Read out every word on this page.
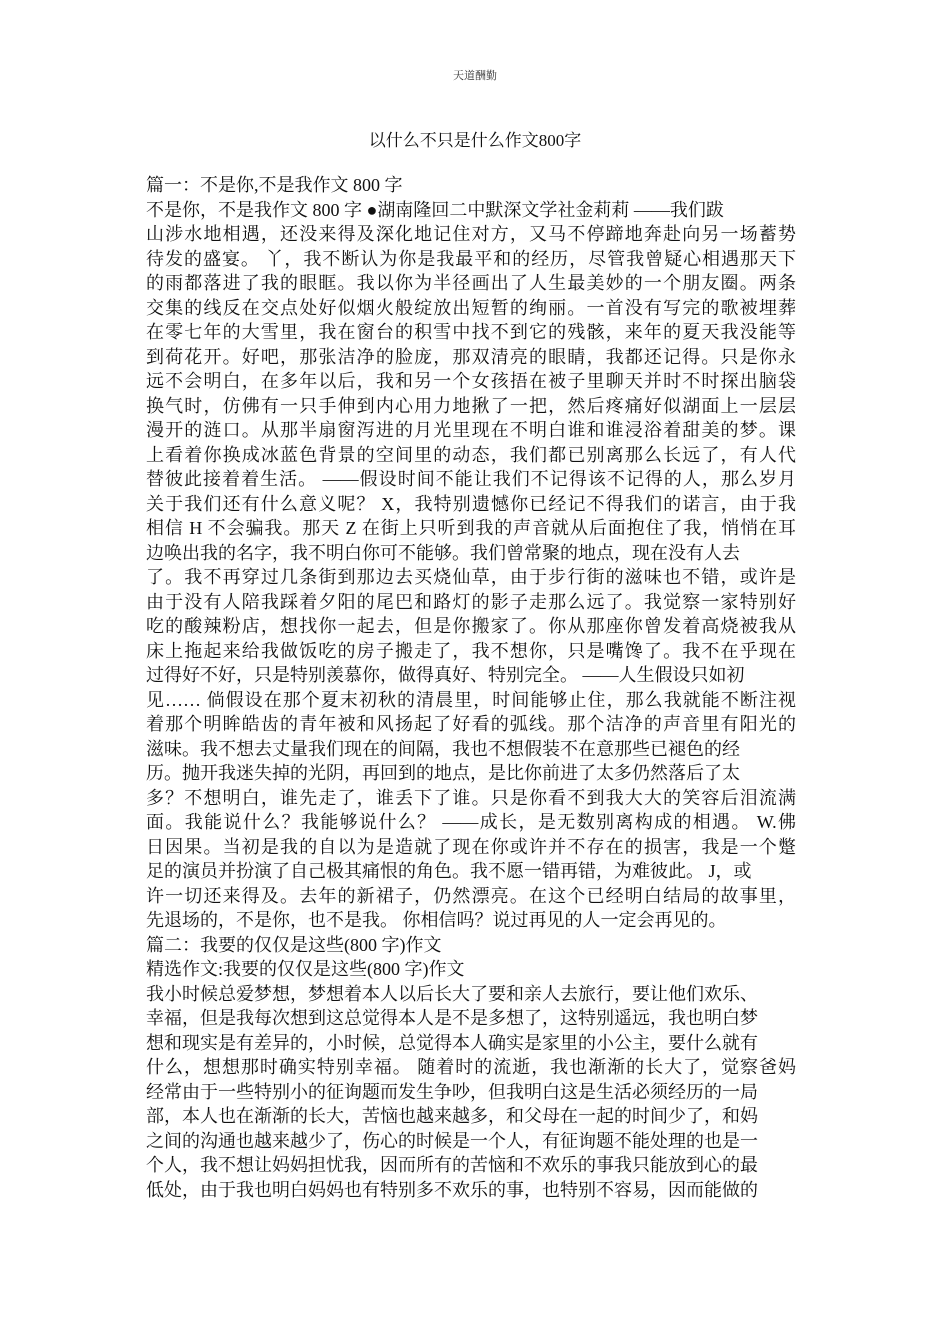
天道酬勤
以什么不只是什么作文800字
篇一：不是你,不是我作文 800 字
不是你，不是我作文 800 字 ●湖南隆回二中默深文学社金莉莉 ——我们跋
山涉水地相遇，还没来得及深化地记住对方，又马不停蹄地奔赴向另一场蓄势
待发的盛宴。 丫，我不断认为你是我最平和的经历，尽管我曾疑心相遇那天下
的雨都落进了我的眼眶。我以你为半径画出了人生最美妙的一个朋友圈。两条
交集的线反在交点处好似烟火般绽放出短暂的绚丽。一首没有写完的歌被埋葬
在零七年的大雪里，我在窗台的积雪中找不到它的残骸，来年的夏天我没能等
到荷花开。好吧，那张洁净的脸庞，那双清亮的眼睛，我都还记得。只是你永
远不会明白，在多年以后，我和另一个女孩捂在被子里聊天并时不时探出脑袋
换气时，仿佛有一只手伸到内心用力地揪了一把，然后疼痛好似湖面上一层层
漫开的涟口。从那半扇窗泻进的月光里现在不明白谁和谁浸浴着甜美的梦。课
上看着你换成冰蓝色背景的空间里的动态，我们都已别离那么长远了，有人代
替彼此接着着生活。 ——假设时间不能让我们不记得该不记得的人，那么岁月
关于我们还有什么意义呢？ X，我特别遗憾你已经记不得我们的诺言，由于我
相信 H 不会骗我。那天 Z 在街上只听到我的声音就从后面抱住了我，悄悄在耳
边唤出我的名字，我不明白你可不能够。我们曾常聚的地点，现在没有人去
了。我不再穿过几条街到那边去买烧仙草，由于步行街的滋味也不错，或许是
由于没有人陪我踩着夕阳的尾巴和路灯的影子走那么远了。我觉察一家特别好
吃的酸辣粉店，想找你一起去，但是你搬家了。你从那座你曾发着高烧被我从
床上拖起来给我做饭吃的房子搬走了，我不想你，只是嘴馋了。我不在乎现在
过得好不好，只是特别羡慕你，做得真好、特别完全。 ——人生假设只如初
见…… 倘假设在那个夏末初秋的清晨里，时间能够止住，那么我就能不断注视
着那个明眸皓齿的青年被和风扬起了好看的弧线。那个洁净的声音里有阳光的
滋味。我不想去丈量我们现在的间隔，我也不想假装不在意那些已褪色的经
历。抛开我迷失掉的光阴，再回到的地点，是比你前进了太多仍然落后了太
多？不想明白，谁先走了，谁丢下了谁。只是你看不到我大大的笑容后泪流满
面。我能说什么？我能够说什么？ ——成长，是无数别离构成的相遇。 W.佛
日因果。当初是我的自以为是造就了现在你或许并不存在的损害，我是一个蹩
足的演员并扮演了自己极其痛恨的角色。我不愿一错再错，为难彼此。 J，或
许一切还来得及。去年的新裙子，仍然漂亮。在这个已经明白结局的故事里，
先退场的，不是你，也不是我。 你相信吗？说过再见的人一定会再见的。
篇二：我要的仅仅是这些(800 字)作文
精选作文:我要的仅仅是这些(800 字)作文
我小时候总爱梦想，梦想着本人以后长大了要和亲人去旅行，要让他们欢乐、
幸福，但是我每次想到这总觉得本人是不是多想了，这特别遥远，我也明白梦
想和现实是有差异的，小时候，总觉得本人确实是家里的小公主，要什么就有
什么，想想那时确实特别幸福。 随着时的流逝，我也渐渐的长大了，觉察爸妈
经常由于一些特别小的征询题而发生争吵，但我明白这是生活必须经历的一局
部，本人也在渐渐的长大，苦恼也越来越多，和父母在一起的时间少了，和妈
之间的沟通也越来越少了，伤心的时候是一个人，有征询题不能处理的也是一
个人，我不想让妈妈担忧我，因而所有的苦恼和不欢乐的事我只能放到心的最
低处，由于我也明白妈妈也有特别多不欢乐的事，也特别不容易，因而能做的
